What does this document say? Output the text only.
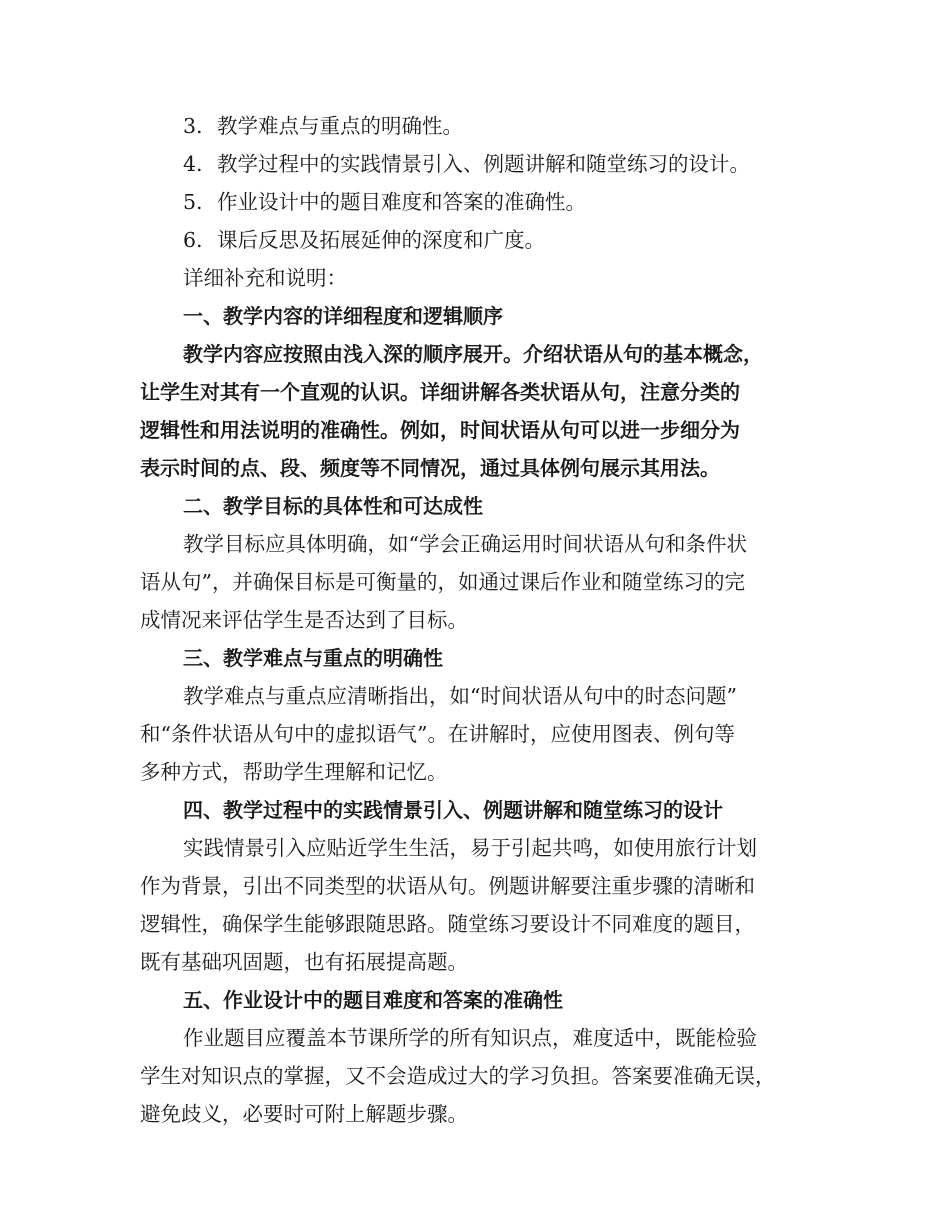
3. 教学难点与重点的明确性。
4. 教学过程中的实践情景引入、例题讲解和随堂练习的设计。
5. 作业设计中的题目难度和答案的准确性。
6. 课后反思及拓展延伸的深度和广度。
详细补充和说明：
一、教学内容的详细程度和逻辑顺序
教学内容应按照由浅入深的顺序展开。介绍状语从句的基本概念，
让学生对其有一个直观的认识。详细讲解各类状语从句，注意分类的
逻辑性和用法说明的准确性。例如，时间状语从句可以进一步细分为
表示时间的点、段、频度等不同情况，通过具体例句展示其用法。
二、教学目标的具体性和可达成性
教学目标应具体明确，如“学会正确运用时间状语从句和条件状
语从句”，并确保目标是可衡量的，如通过课后作业和随堂练习的完
成情况来评估学生是否达到了目标。
三、教学难点与重点的明确性
教学难点与重点应清晰指出，如“时间状语从句中的时态问题”
和“条件状语从句中的虚拟语气”。在讲解时，应使用图表、例句等
多种方式，帮助学生理解和记忆。
四、教学过程中的实践情景引入、例题讲解和随堂练习的设计
实践情景引入应贴近学生生活，易于引起共鸣，如使用旅行计划
作为背景，引出不同类型的状语从句。例题讲解要注重步骤的清晰和
逻辑性，确保学生能够跟随思路。随堂练习要设计不同难度的题目，
既有基础巩固题，也有拓展提高题。
五、作业设计中的题目难度和答案的准确性
作业题目应覆盖本节课所学的所有知识点，难度适中，既能检验
学生对知识点的掌握，又不会造成过大的学习负担。答案要准确无误，
避免歧义，必要时可附上解题步骤。
